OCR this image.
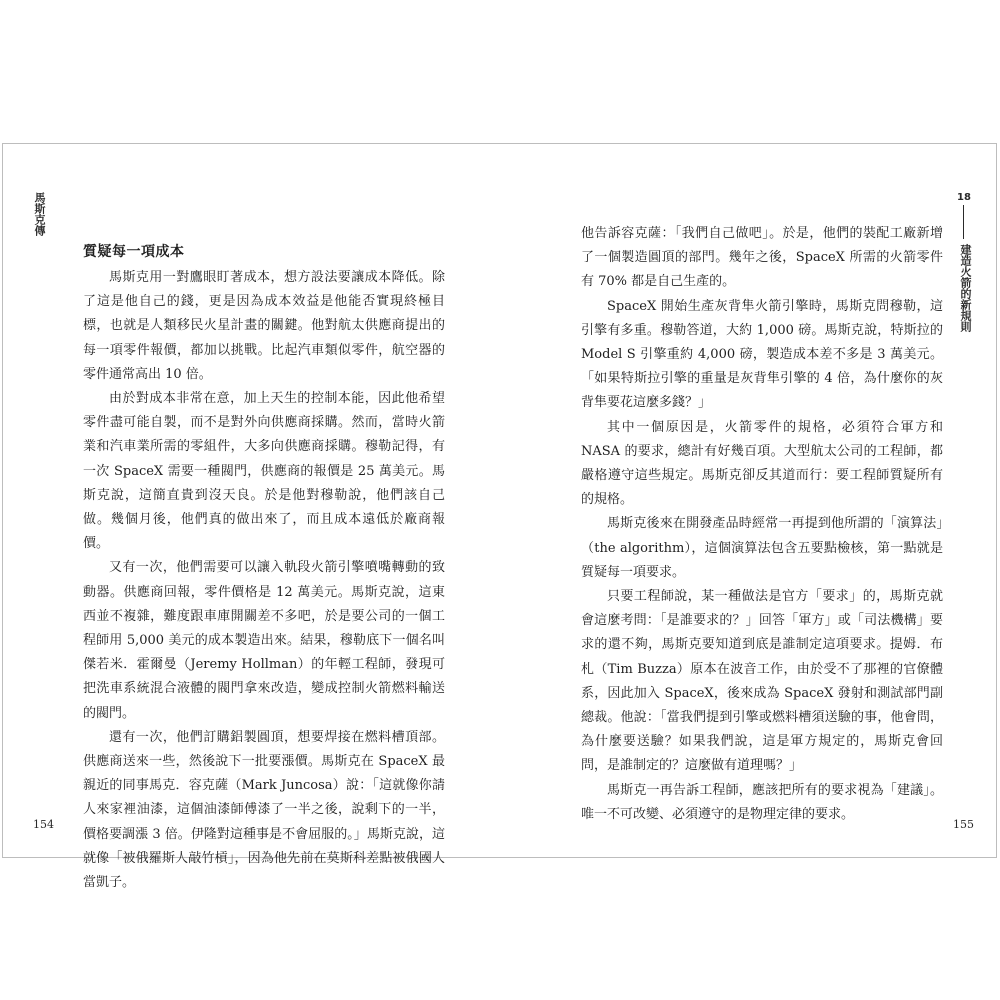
馬斯克傳
質疑每一項成本

馬斯克用一對鷹眼盯著成本，想方設法要讓成本降低。除了這是他自己的錢，更是因為成本效益是他能否實現終極目標，也就是人類移民火星計畫的關鍵。他對航太供應商提出的每一項零件報價，都加以挑戰。比起汽車類似零件，航空器的零件通常高出 10 倍。

由於對成本非常在意，加上天生的控制本能，因此他希望零件盡可能自製，而不是對外向供應商採購。然而，當時火箭業和汽車業所需的零組件，大多向供應商採購。穆勒記得，有一次 SpaceX 需要一種閥門，供應商的報價是 25 萬美元。馬斯克說，這簡直貴到沒天良。於是他對穆勒說，他們該自己做。幾個月後，他們真的做出來了，而且成本遠低於廠商報價。

又有一次，他們需要可以讓入軌段火箭引擎噴嘴轉動的致動器。供應商回報，零件價格是 12 萬美元。馬斯克說，這東西並不複雜，難度跟車庫開關差不多吧，於是要公司的一個工程師用 5,000 美元的成本製造出來。結果，穆勒底下一個名叫傑若米．霍爾曼（Jeremy Hollman）的年輕工程師，發現可把洗車系統混合液體的閥門拿來改造，變成控制火箭燃料輸送的閥門。

還有一次，他們訂購鋁製圓頂，想要焊接在燃料槽頂部。供應商送來一些，然後說下一批要漲價。馬斯克在 SpaceX 最親近的同事馬克．容克薩（Mark Juncosa）說：「這就像你請人來家裡油漆，這個油漆師傅漆了一半之後，說剩下的一半，價格要調漲 3 倍。伊隆對這種事是不會屈服的。」馬斯克說，這就像「被俄羅斯人敲竹槓」，因為他先前在莫斯科差點被俄國人當凱子。

154
18
建造火箭的新規則

他告訴容克薩：「我們自己做吧」。於是，他們的裝配工廠新增了一個製造圓頂的部門。幾年之後，SpaceX 所需的火箭零件有 70% 都是自己生產的。

SpaceX 開始生產灰背隼火箭引擎時，馬斯克問穆勒，這引擎有多重。穆勒答道，大約 1,000 磅。馬斯克說，特斯拉的 Model S 引擎重約 4,000 磅，製造成本差不多是 3 萬美元。「如果特斯拉引擎的重量是灰背隼引擎的 4 倍，為什麼你的灰背隼要花這麼多錢？」

其中一個原因是，火箭零件的規格，必須符合軍方和 NASA 的要求，總計有好幾百項。大型航太公司的工程師，都嚴格遵守這些規定。馬斯克卻反其道而行：要工程師質疑所有的規格。

馬斯克後來在開發產品時經常一再提到他所謂的「演算法」（the algorithm），這個演算法包含五要點檢核，第一點就是質疑每一項要求。

只要工程師說，某一種做法是官方「要求」的，馬斯克就會這麼考問：「是誰要求的？」回答「軍方」或「司法機構」要求的還不夠，馬斯克要知道到底是誰制定這項要求。提姆．布札（Tim Buzza）原本在波音工作，由於受不了那裡的官僚體系，因此加入 SpaceX，後來成為 SpaceX 發射和測試部門副總裁。他說：「當我們提到引擎或燃料槽須送驗的事，他會問，為什麼要送驗？如果我們說，這是軍方規定的，馬斯克會回問，是誰制定的？這麼做有道理嗎？」

馬斯克一再告訴工程師，應該把所有的要求視為「建議」。唯一不可改變、必須遵守的是物理定律的要求。

155
